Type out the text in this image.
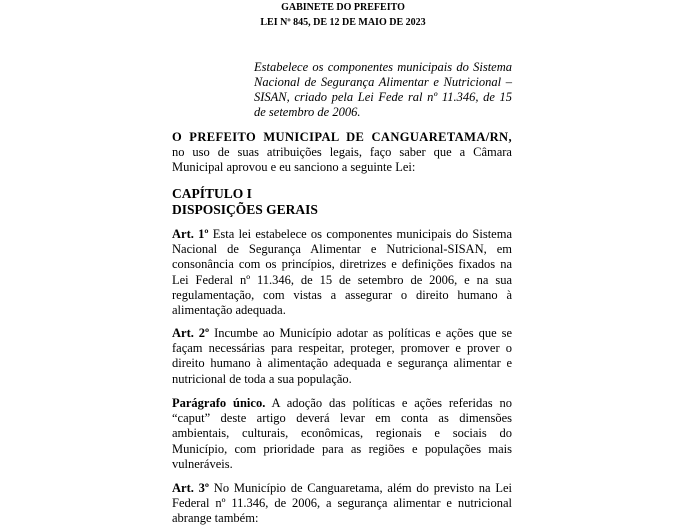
GABINETE DO PREFEITO
LEI Nº 845, DE 12 DE MAIO DE 2023
Estabelece os componentes municipais do Sistema Nacional de Segurança Alimentar e Nutricional – SISAN, criado pela Lei Fede ral nº 11.346, de 15 de setembro de 2006.
O PREFEITO MUNICIPAL DE CANGUARETAMA/RN, no uso de suas atribuições legais, faço saber que a Câmara Municipal aprovou e eu sanciono a seguinte Lei:
CAPÍTULO I
DISPOSIÇÕES GERAIS
Art. 1º Esta lei estabelece os componentes municipais do Sistema Nacional de Segurança Alimentar e Nutricional-SISAN, em consonância com os princípios, diretrizes e definições fixados na Lei Federal nº 11.346, de 15 de setembro de 2006, e na sua regulamentação, com vistas a assegurar o direito humano à alimentação adequada.
Art. 2º Incumbe ao Município adotar as políticas e ações que se façam necessárias para respeitar, proteger, promover e prover o direito humano à alimentação adequada e segurança alimentar e nutricional de toda a sua população.
Parágrafo único. A adoção das políticas e ações referidas no “caput” deste artigo deverá levar em conta as dimensões ambientais, culturais, econômicas, regionais e sociais do Município, com prioridade para as regiões e populações mais vulneráveis.
Art. 3º No Município de Canguaretama, além do previsto na Lei Federal nº 11.346, de 2006, a segurança alimentar e nutricional abrange também:
